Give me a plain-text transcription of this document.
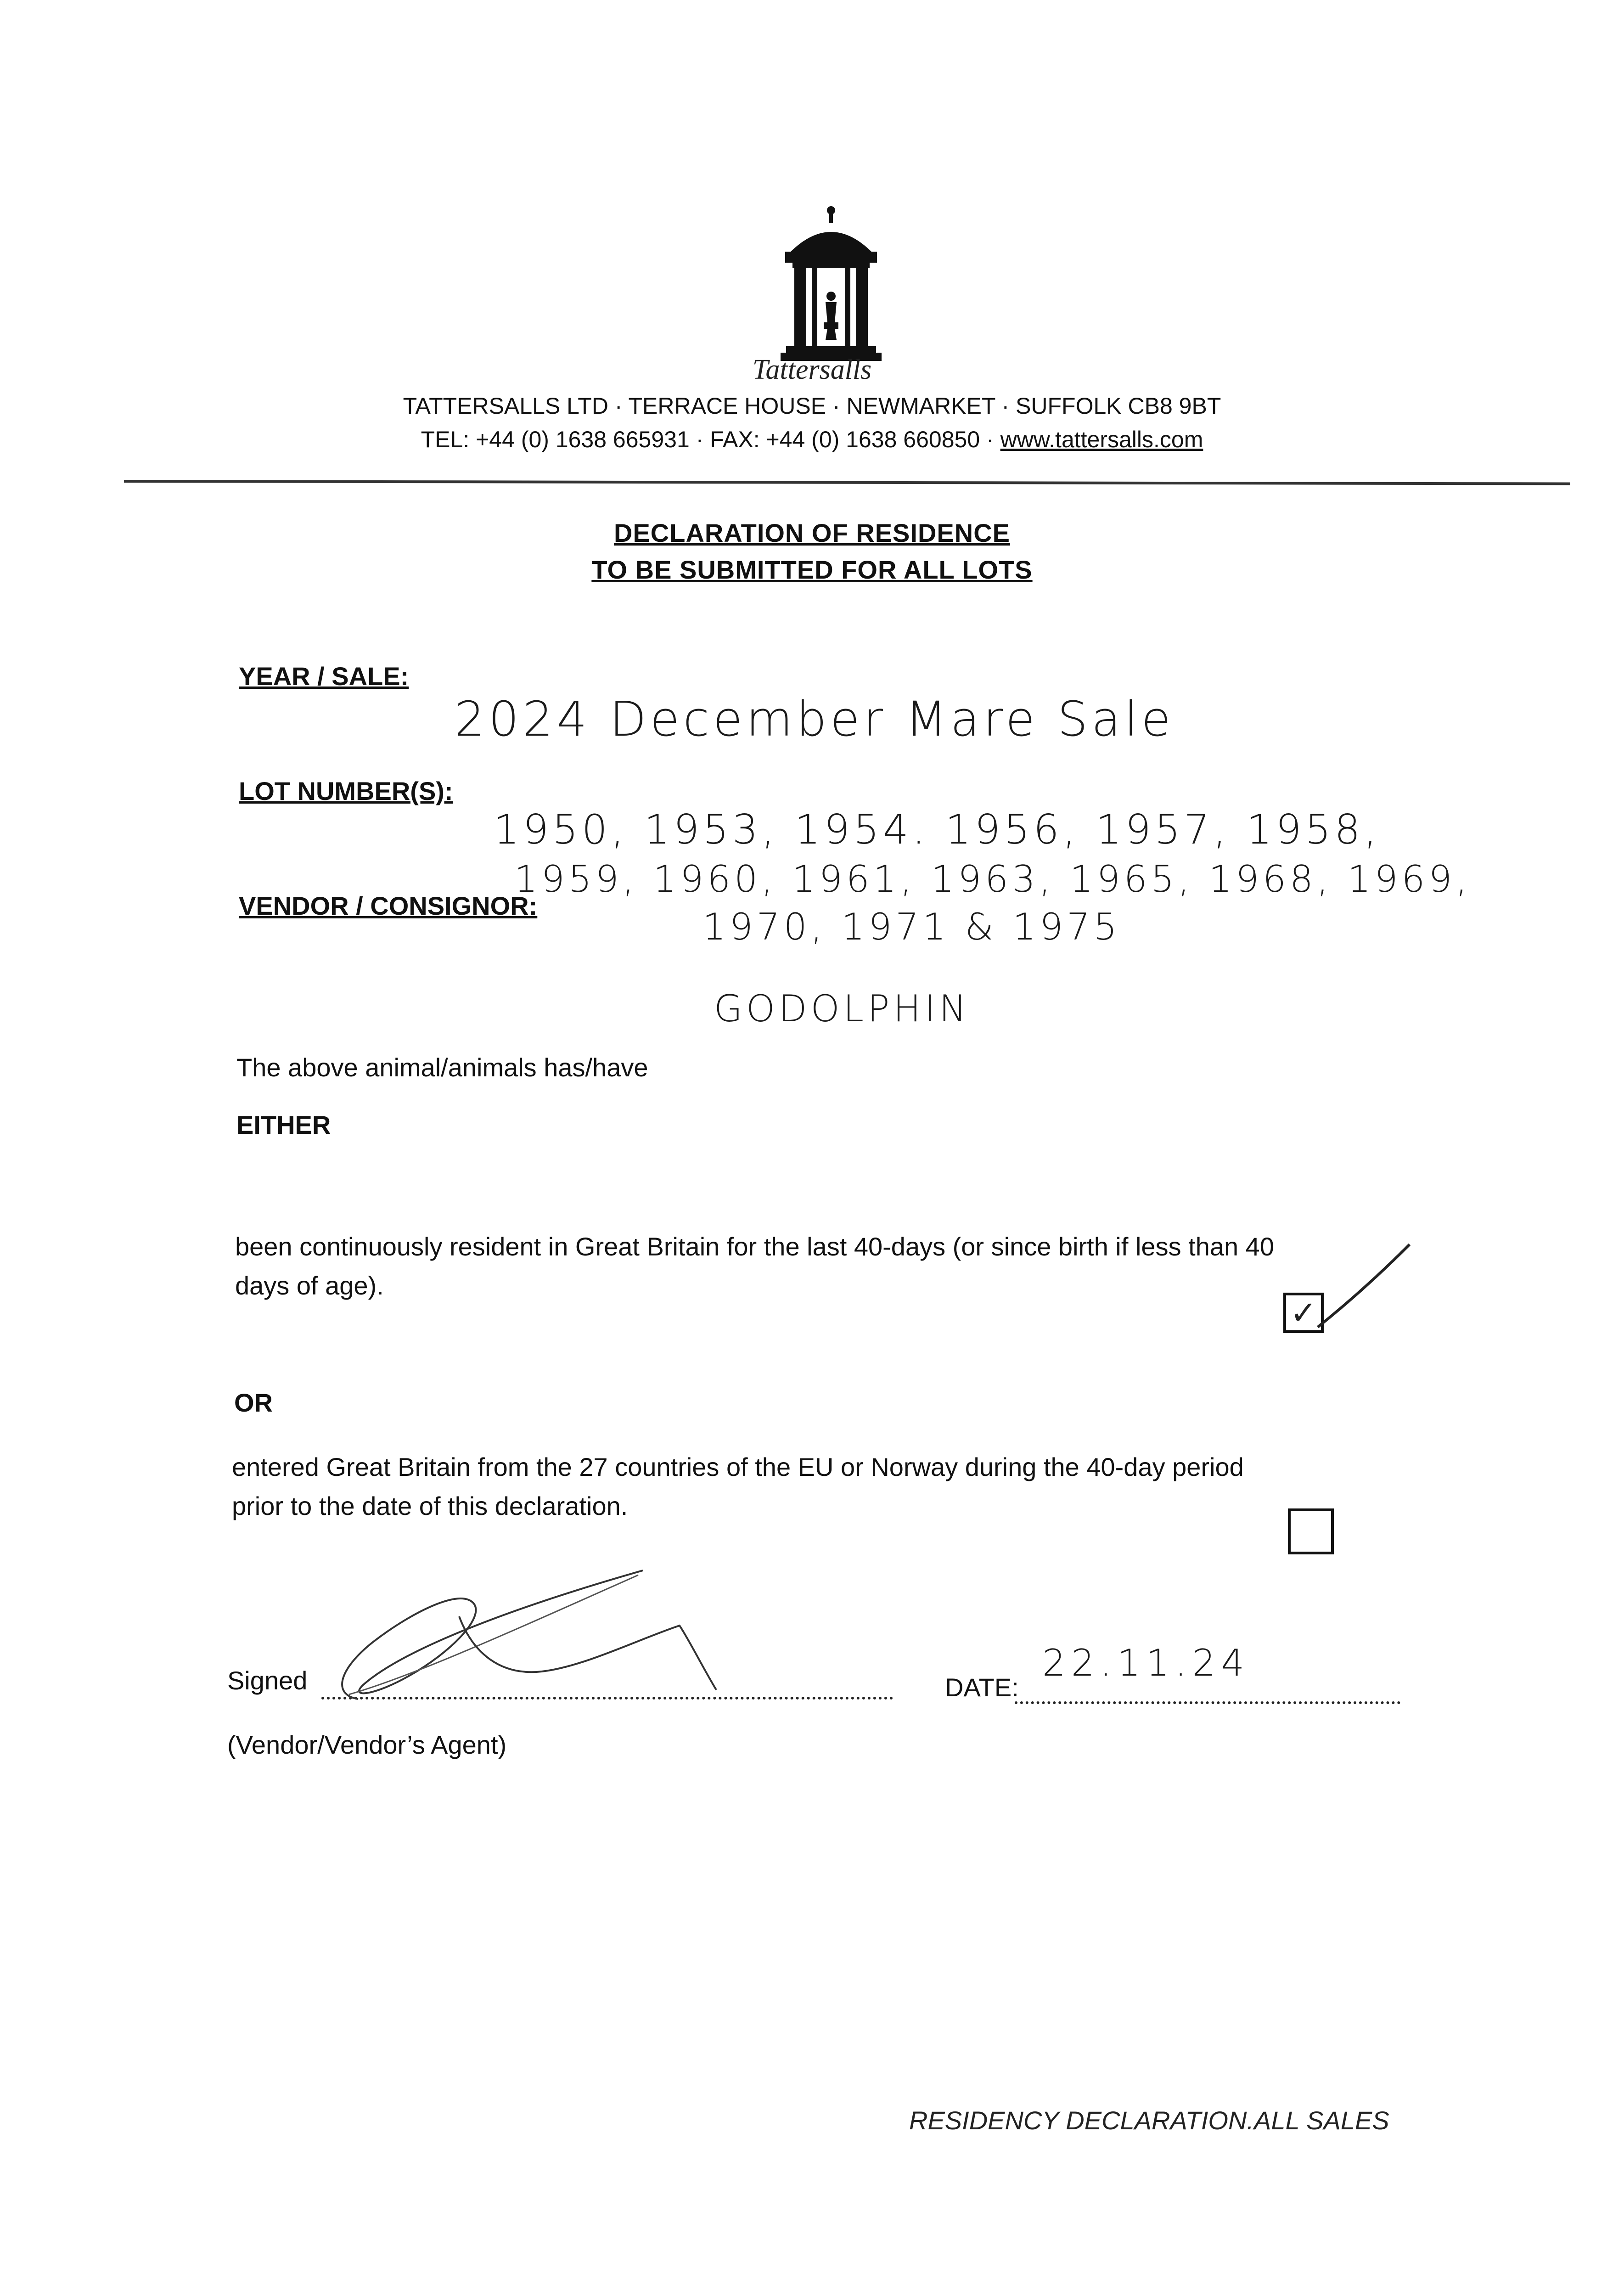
Tattersalls
TATTERSALLS LTD · TERRACE HOUSE · NEWMARKET · SUFFOLK CB8 9BT
TEL: +44 (0) 1638 665931 · FAX: +44 (0) 1638 660850 · www.tattersalls.com
DECLARATION OF RESIDENCE
TO BE SUBMITTED FOR ALL LOTS
YEAR / SALE:
2024 December Mare Sale
LOT NUMBER(S):
1950, 1953, 1954. 1956, 1957, 1958,
1959, 1960, 1961, 1963, 1965, 1968, 1969,
1970, 1971 & 1975
VENDOR / CONSIGNOR:
GODOLPHIN
The above animal/animals has/have
EITHER
been continuously resident in Great Britain for the last 40-days (or since birth if less than 40
days of age).
✓
OR
entered Great Britain from the 27 countries of the EU or Norway during the 40-day period
prior to the date of this declaration.
Signed	DATE:
22.11.24
(Vendor/Vendor’s Agent)
RESIDENCY DECLARATION.ALL SALES
